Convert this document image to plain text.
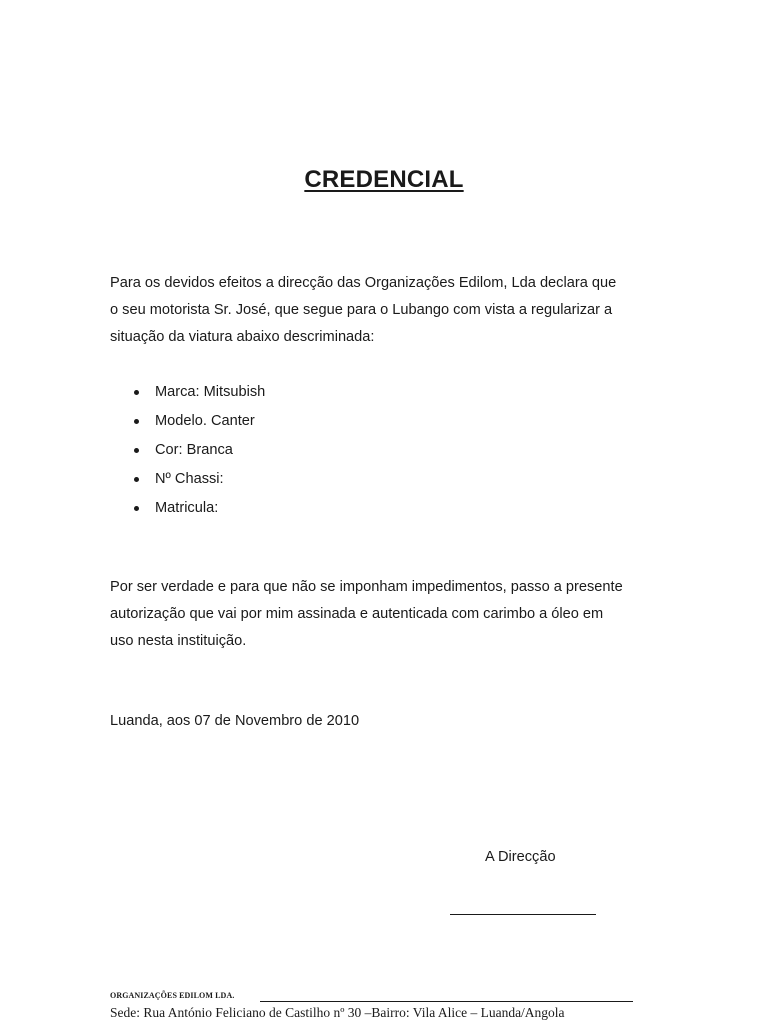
CREDENCIAL
Para os devidos efeitos a direcção das Organizações Edilom, Lda declara que
o seu motorista Sr. José, que segue para o Lubango com vista a regularizar a
situação da viatura abaixo descriminada:
Marca: Mitsubish
Modelo. Canter
Cor: Branca
Nº Chassi:
Matricula:
Por ser verdade e para que não se imponham impedimentos, passo a presente
autorização que vai por mim assinada e autenticada com carimbo a óleo em
uso nesta instituição.
Luanda, aos 07 de Novembro de 2010
A Direcção
ORGANIZAÇÕES EDILOM LDA.
Sede: Rua António Feliciano de Castilho nº 30 –Bairro: Vila Alice – Luanda/Angola
